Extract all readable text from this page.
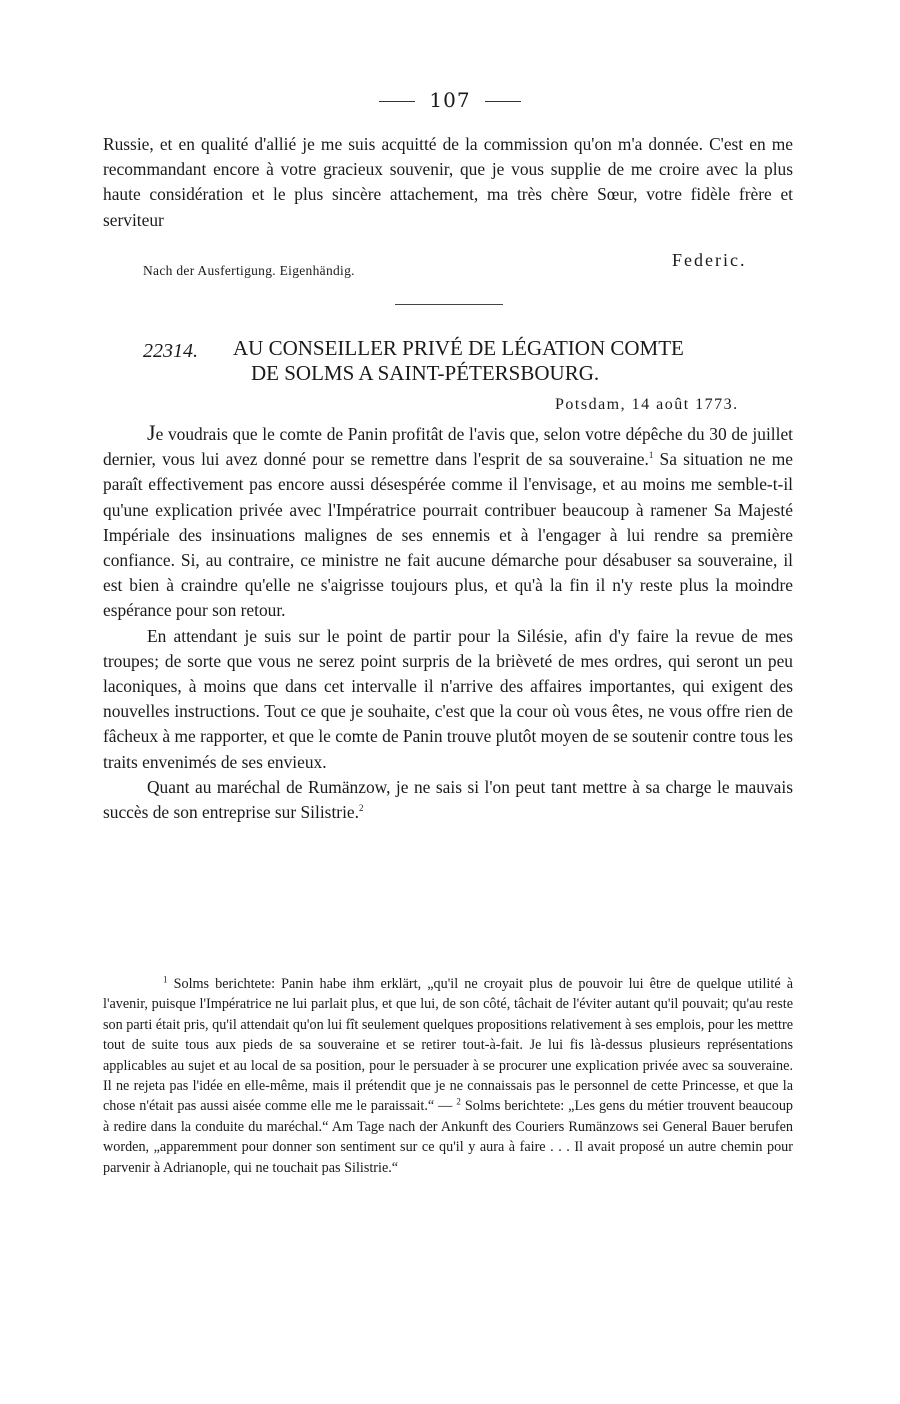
107

Russie, et en qualité d'allié je me suis acquitté de la commission qu'on m'a donnée. C'est en me recommandant encore à votre gracieux souvenir, que je vous supplie de me croire avec la plus haute considération et le plus sincère attachement, ma très chère Sœur, votre fidèle frère et serviteur

Federic.
Nach der Ausfertigung. Eigenhändig.
22314. AU CONSEILLER PRIVÉ DE LÉGATION COMTE
DE SOLMS A SAINT-PÉTERSBOURG.
Potsdam, 14 août 1773.

Je voudrais que le comte de Panin profitât de l'avis que, selon votre dépêche du 30 de juillet dernier, vous lui avez donné pour se remettre dans l'esprit de sa souveraine.$^1$ Sa situation ne me paraît effectivement pas encore aussi désespérée comme il l'envisage, et au moins me semble-t-il qu'une explication privée avec l'Impératrice pourrait contribuer beaucoup à ramener Sa Majesté Impériale des insinuations malignes de ses ennemis et à l'engager à lui rendre sa première confiance. Si, au contraire, ce ministre ne fait aucune démarche pour désabuser sa souveraine, il est bien à craindre qu'elle ne s'aigrisse toujours plus, et qu'à la fin il n'y reste plus la moindre espérance pour son retour.

En attendant je suis sur le point de partir pour la Silésie, afin d'y faire la revue de mes troupes; de sorte que vous ne serez point surpris de la brièveté de mes ordres, qui seront un peu laconiques, à moins que dans cet intervalle il n'arrive des affaires importantes, qui exigent des nouvelles instructions. Tout ce que je souhaite, c'est que la cour où vous êtes, ne vous offre rien de fâcheux à me rapporter, et que le comte de Panin trouve plutôt moyen de se soutenir contre tous les traits envenimés de ses envieux.

Quant au maréchal de Rumänzow, je ne sais si l'on peut tant mettre à sa charge le mauvais succès de son entreprise sur Silistrie.$^2$

$^1$ Solms berichtete: Panin habe ihm erklärt, „qu'il ne croyait plus de pouvoir lui être de quelque utilité à l'avenir, puisque l'Impératrice ne lui parlait plus, et que lui, de son côté, tâchait de l'éviter autant qu'il pouvait; qu'au reste son parti était pris, qu'il attendait qu'on lui fît seulement quelques propositions relativement à ses emplois, pour les mettre tout de suite tous aux pieds de sa souveraine et se retirer tout-à-fait. Je lui fis là-dessus plusieurs représentations applicables au sujet et au local de sa position, pour le persuader à se procurer une explication privée avec sa souveraine. Il ne rejeta pas l'idée en elle-même, mais il prétendit que je ne connaissais pas le personnel de cette Princesse, et que la chose n'était pas aussi aisée comme elle me le paraissait.“ — $^2$ Solms berichtete: „Les gens du métier trouvent beaucoup à redire dans la conduite du maréchal.“ Am Tage nach der Ankunft des Couriers Rumänzows sei General Bauer berufen worden, „apparemment pour donner son sentiment sur ce qu'il y aura à faire . . . Il avait proposé un autre chemin pour parvenir à Adrianople, qui ne touchait pas Silistrie.“
